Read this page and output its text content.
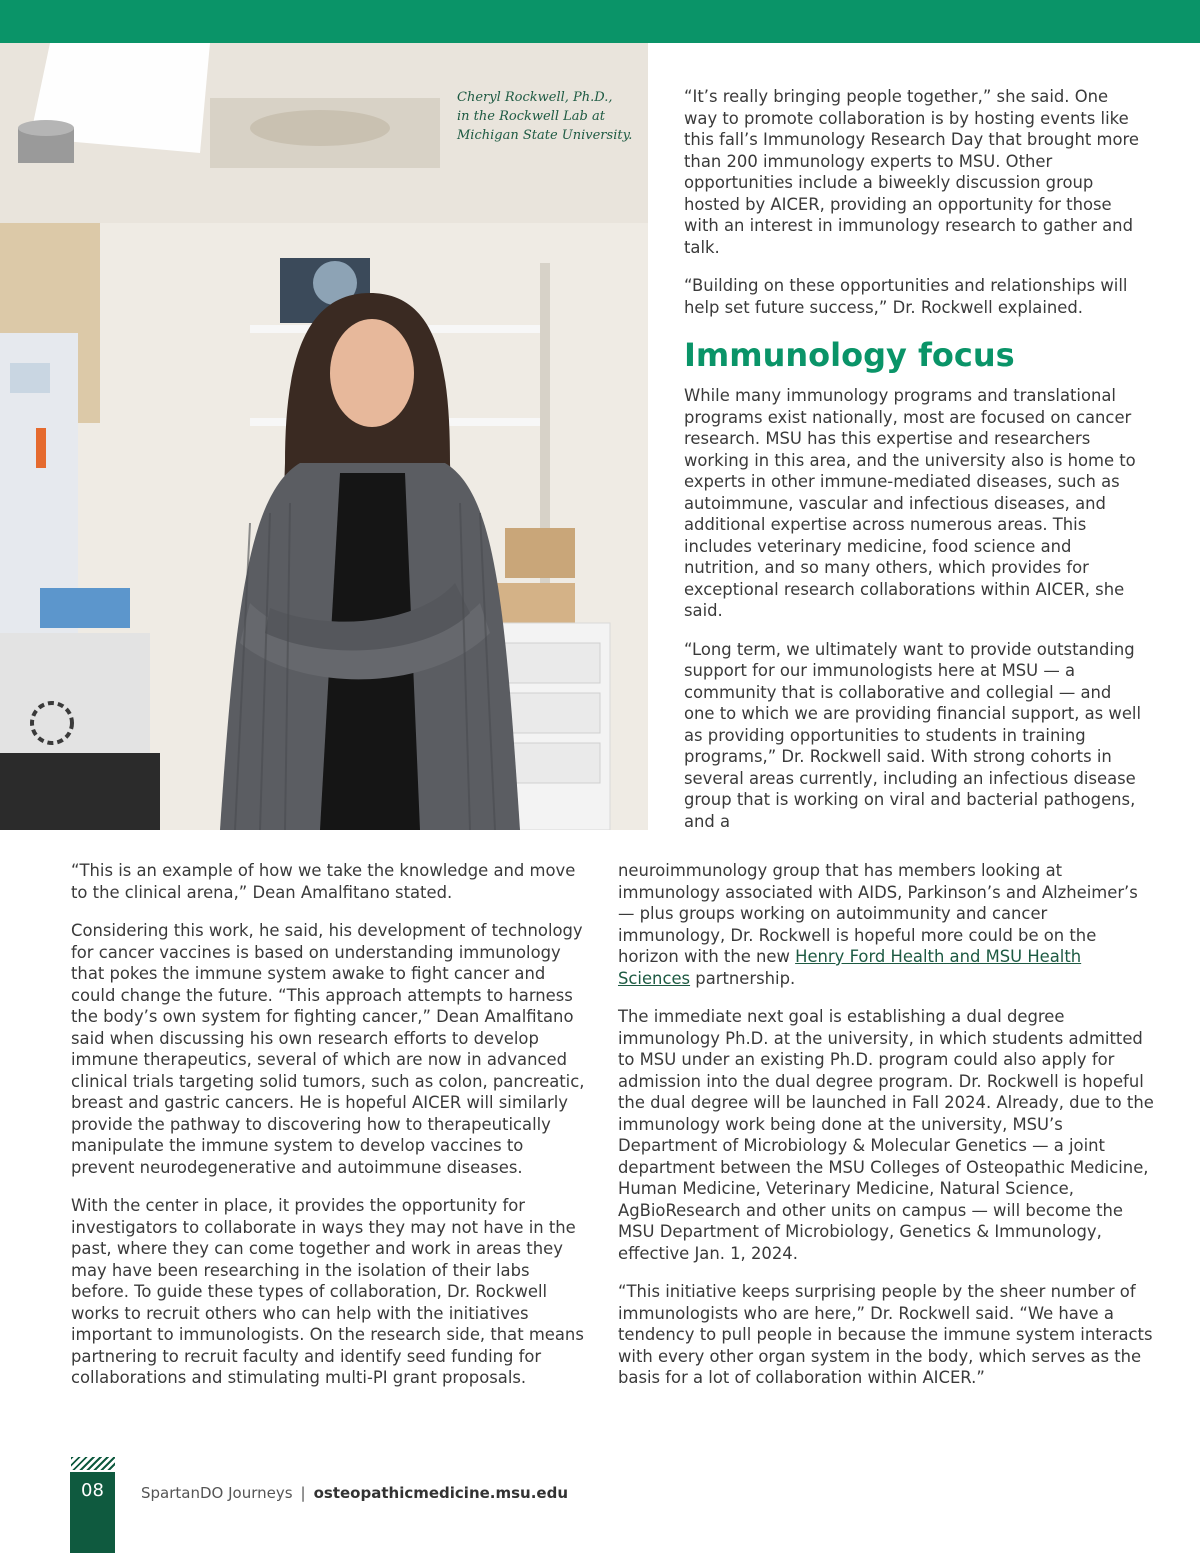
Cheryl Rockwell, Ph.D.,
in the Rockwell Lab at
Michigan State University.

“It’s really bringing people together,” she said. One way to promote collaboration is by hosting events like this fall’s Immunology Research Day that brought more than 200 immunology experts to MSU. Other opportunities include a biweekly discussion group hosted by AICER, providing an opportunity for those with an interest in immunology research to gather and talk.

“Building on these opportunities and relationships will help set future success,” Dr. Rockwell explained.

Immunology focus

While many immunology programs and translational programs exist nationally, most are focused on cancer research. MSU has this expertise and researchers working in this area, and the university also is home to experts in other immune-mediated diseases, such as autoimmune, vascular and infectious diseases, and additional expertise across numerous areas. This includes veterinary medicine, food science and nutrition, and so many others, which provides for exceptional research collaborations within AICER, she said.

“Long term, we ultimately want to provide outstanding support for our immunologists here at MSU — a community that is collaborative and collegial — and one to which we are providing financial support, as well as providing opportunities to students in training programs,” Dr. Rockwell said. With strong cohorts in several areas currently, including an infectious disease group that is working on viral and bacterial pathogens, and a

“This is an example of how we take the knowledge and move to the clinical arena,” Dean Amalfitano stated.

Considering this work, he said, his development of technology for cancer vaccines is based on understanding immunology that pokes the immune system awake to fight cancer and could change the future. “This approach attempts to harness the body’s own system for fighting cancer,” Dean Amalfitano said when discussing his own research efforts to develop immune therapeutics, several of which are now in advanced clinical trials targeting solid tumors, such as colon, pancreatic, breast and gastric cancers. He is hopeful AICER will similarly provide the pathway to discovering how to therapeutically manipulate the immune system to develop vaccines to prevent neurodegenerative and autoimmune diseases.

With the center in place, it provides the opportunity for investigators to collaborate in ways they may not have in the past, where they can come together and work in areas they may have been researching in the isolation of their labs before. To guide these types of collaboration, Dr. Rockwell works to recruit others who can help with the initiatives important to immunologists. On the research side, that means partnering to recruit faculty and identify seed funding for collaborations and stimulating multi-PI grant proposals.

neuroimmunology group that has members looking at immunology associated with AIDS, Parkinson’s and Alzheimer’s — plus groups working on autoimmunity and cancer immunology, Dr. Rockwell is hopeful more could be on the horizon with the new Henry Ford Health and MSU Health Sciences partnership.

The immediate next goal is establishing a dual degree immunology Ph.D. at the university, in which students admitted to MSU under an existing Ph.D. program could also apply for admission into the dual degree program. Dr. Rockwell is hopeful the dual degree will be launched in Fall 2024. Already, due to the immunology work being done at the university, MSU’s Department of Microbiology & Molecular Genetics — a joint department between the MSU Colleges of Osteopathic Medicine, Human Medicine, Veterinary Medicine, Natural Science, AgBioResearch and other units on campus — will become the MSU Department of Microbiology, Genetics & Immunology, effective Jan. 1, 2024.

“This initiative keeps surprising people by the sheer number of immunologists who are here,” Dr. Rockwell said. “We have a tendency to pull people in because the immune system interacts with every other organ system in the body, which serves as the basis for a lot of collaboration within AICER.”

08	SpartanDO Journeys | osteopathicmedicine.msu.edu
